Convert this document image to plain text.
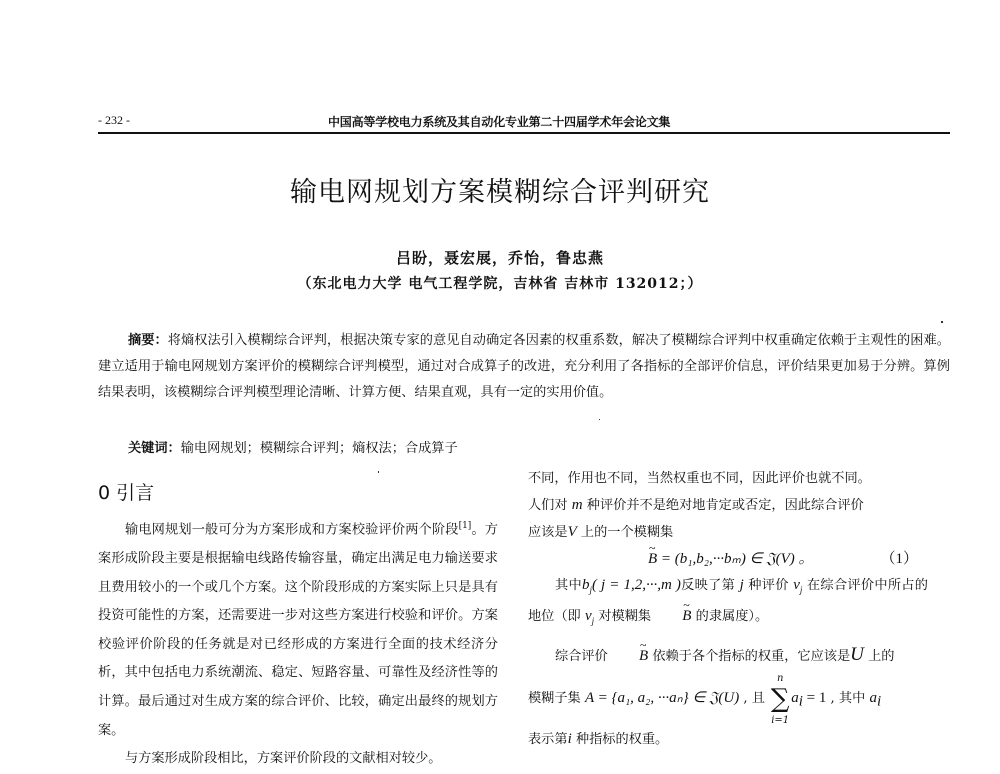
- 232 -	中国高等学校电力系统及其自动化专业第二十四届学术年会论文集
输电网规划方案模糊综合评判研究
吕盼，聂宏展，乔怡，鲁忠燕
（东北电力大学 电气工程学院，吉林省 吉林市 132012；）
摘要：将熵权法引入模糊综合评判，根据决策专家的意见自动确定各因素的权重系数，解决了模糊综合评判中权重确定依赖于主观性的困难。建立适用于输电网规划方案评价的模糊综合评判模型，通过对合成算子的改进，充分利用了各指标的全部评价信息，评价结果更加易于分辨。算例结果表明，该模糊综合评判模型理论清晰、计算方便、结果直观，具有一定的实用价值。
关键词：输电网规划；模糊综合评判；熵权法；合成算子
0 引言

输电网规划一般可分为方案形成和方案校验评价两个阶段[1]。方案形成阶段主要是根据输电线路传输容量，确定出满足电力输送要求且费用较小的一个或几个方案。这个阶段形成的方案实际上只是具有投资可能性的方案，还需要进一步对这些方案进行校验和评价。方案校验评价阶段的任务就是对已经形成的方案进行全面的技术经济分析，其中包括电力系统潮流、稳定、短路容量、可靠性及经济性等的计算。最后通过对生成方案的综合评价、比较，确定出最终的规划方案。

与方案形成阶段相比，方案评价阶段的文献相对较少。

不同，作用也不同，当然权重也不同，因此评价也就不同。

人们对 m 种评价并不是绝对地肯定或否定，因此综合评价

应该是V 上的一个模糊集

~ B = (b₁,b₂,···bₘ) ∈ 𝔍(V) 。	（1）

其中$b_j$( j = 1,2,···,m )反映了第 j 种评价 $v_j$ 在综合评价中所占的地位（即 $v_j$ 对模糊集 ~ B 的隶属度）。

综合评价 ~ B 依赖于各个指标的权重，它应该是U 上的

模糊子集 A = {a₁, a₂, ···aₙ} ∈ 𝔍(U) , 且
n
∑
i=1
$a_i = 1$ , 其中 $a_i$

表示第i 种指标的权重。
